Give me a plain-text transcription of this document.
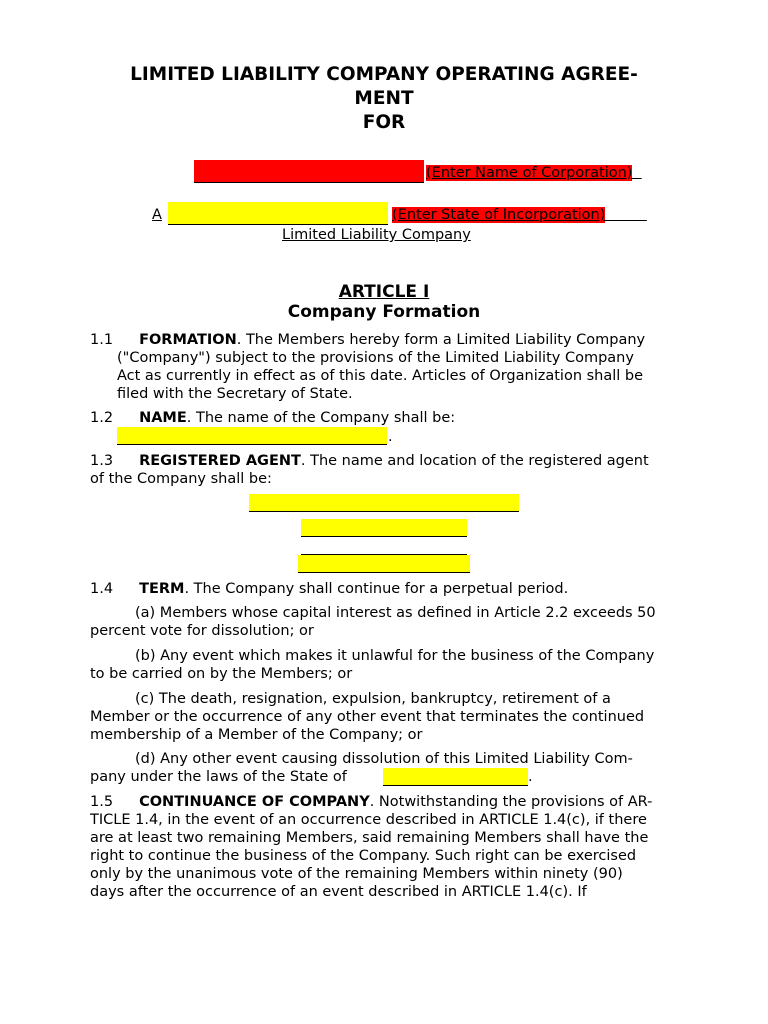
LIMITED LIABILITY COMPANY OPERATING AGREE-
MENT
FOR
(Enter Name of Corporation)
A	(Enter State of Incorporation)
Limited Liability Company
ARTICLE I
Company Formation
1.1 FORMATION. The Members hereby form a Limited Liability Company
("Company") subject to the provisions of the Limited Liability Company
Act as currently in effect as of this date. Articles of Organization shall be
filed with the Secretary of State.
1.2 NAME. The name of the Company shall be:
.
1.3 REGISTERED AGENT. The name and location of the registered agent
of the Company shall be:
1.4 TERM. The Company shall continue for a perpetual period.
(a) Members whose capital interest as defined in Article 2.2 exceeds 50
percent vote for dissolution; or
(b) Any event which makes it unlawful for the business of the Company
to be carried on by the Members; or
(c) The death, resignation, expulsion, bankruptcy, retirement of a
Member or the occurrence of any other event that terminates the continued
membership of a Member of the Company; or
(d) Any other event causing dissolution of this Limited Liability Com-
pany under the laws of the State of	.
1.5 CONTINUANCE OF COMPANY. Notwithstanding the provisions of AR-
TICLE 1.4, in the event of an occurrence described in ARTICLE 1.4(c), if there
are at least two remaining Members, said remaining Members shall have the
right to continue the business of the Company. Such right can be exercised
only by the unanimous vote of the remaining Members within ninety (90)
days after the occurrence of an event described in ARTICLE 1.4(c). If
